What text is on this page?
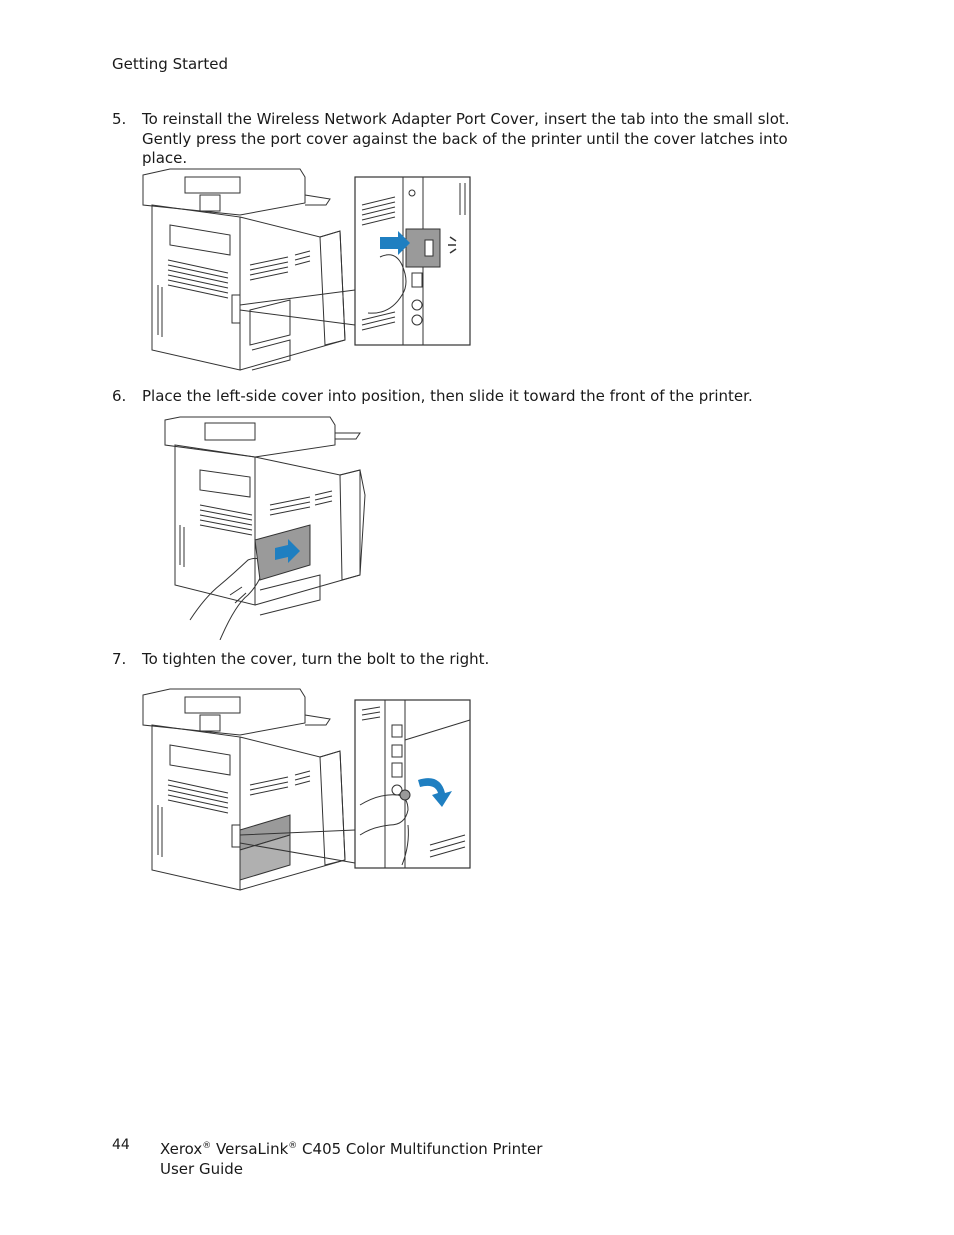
Getting Started
5. To reinstall the Wireless Network Adapter Port Cover, insert the tab into the small slot. Gently press the port cover against the back of the printer until the cover latches into place.
6. Place the left-side cover into position, then slide it toward the front of the printer.
7. To tighten the cover, turn the bolt to the right.
44 Xerox® VersaLink® C405 Color Multifunction Printer
User Guide
